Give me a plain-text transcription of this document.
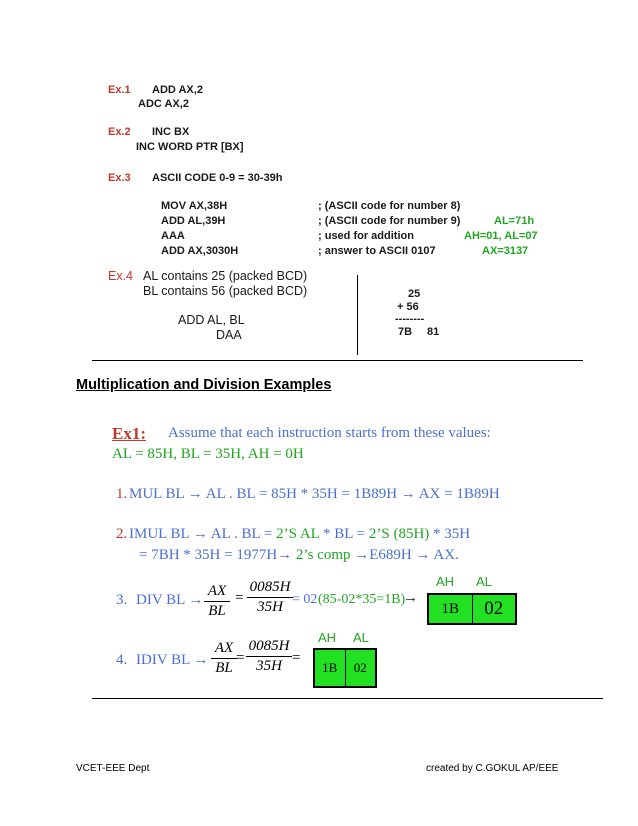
Ex.1 ADD AX,2
ADC AX,2
Ex.2 INC BX
INC WORD PTR [BX]
Ex.3 ASCII CODE 0-9 = 30-39h
MOV AX,38H	; (ASCII code for number 8)
ADD AL,39H	; (ASCII code for number 9)	AL=71h
AAA	; used for addition	AH=01, AL=07
ADD AX,3030H	; answer to ASCII 0107	AX=3137
Ex.4 AL contains 25 (packed BCD)
BL contains 56 (packed BCD)
ADD AL, BL
DAA
25
+ 56
--------
7B 81
Multiplication and Division Examples
Ex1: Assume that each instruction starts from these values:
AL = 85H, BL = 35H, AH = 0H
1. MUL BL → AL . BL = 85H * 35H = 1B89H → AX = 1B89H
2. IMUL BL → AL . BL = 2’S AL * BL = 2’S (85H) * 35H
= 7BH * 35H = 1977H→ 2’s comp →E689H → AX.
3. DIV BL →
AX
BL
=
0085H
35H = 02 (85-02*35=1B)
→
AH AL
1B	02
4. IDIV BL →
AX
BL
=
0085H
35H =
AH AL
1B	02
VCET-EEE Dept	created by C.GOKUL AP/EEE
